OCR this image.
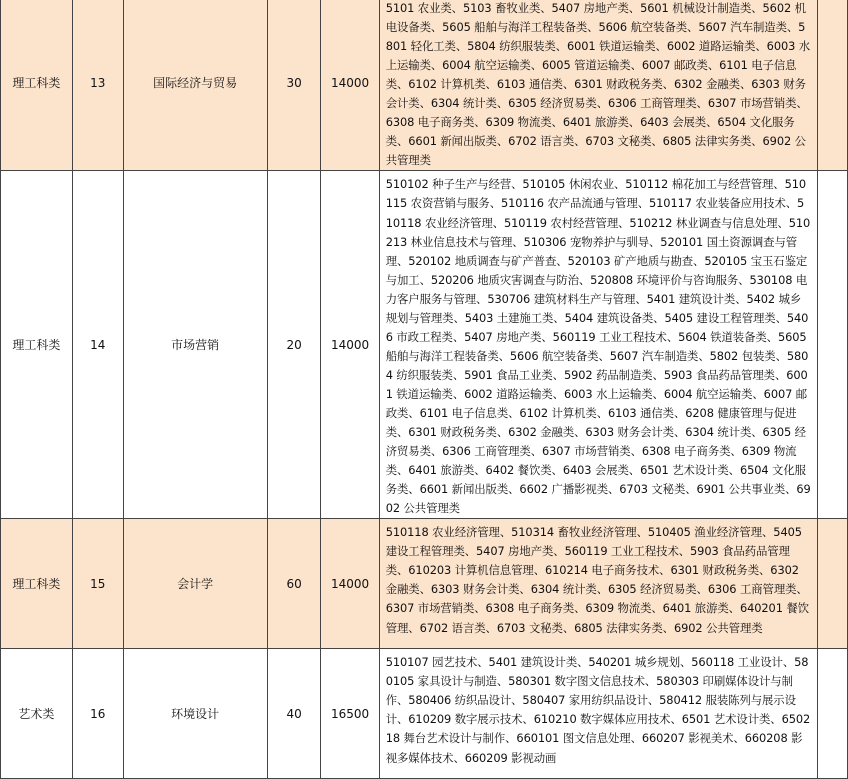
理工科类	13	国际经济与贸易	30	14000	5101 农业类、5103 畜牧业类、5407 房地产类、5601 机械设计制造类、5602 机电设备类、5605 船舶与海洋工程装备类、5606 航空装备类、5607 汽车制造类、5801 轻化工类、5804 纺织服装类、6001 铁道运输类、6002 道路运输类、6003 水上运输类、6004 航空运输类、6005 管道运输类、6007 邮政类、6101 电子信息类、6102 计算机类、6103 通信类、6301 财政税务类、6302 金融类、6303 财务会计类、6304 统计类、6305 经济贸易类、6306 工商管理类、6307 市场营销类、6308 电子商务类、6309 物流类、6401 旅游类、6403 会展类、6504 文化服务类、6601 新闻出版类、6702 语言类、6703 文秘类、6805 法律实务类、6902 公共管理类	
理工科类	14	市场营销	20	14000	510102 种子生产与经营、510105 休闲农业、510112 棉花加工与经营管理、510115 农资营销与服务、510116 农产品流通与管理、510117 农业装备应用技术、510118 农业经济管理、510119 农村经营管理、510212 林业调查与信息处理、510213 林业信息技术与管理、510306 宠物养护与驯导、520101 国土资源调查与管理、520102 地质调查与矿产普查、520103 矿产地质与勘查、520105 宝玉石鉴定与加工、520206 地质灾害调查与防治、520808 环境评价与咨询服务、530108 电力客户服务与管理、530706 建筑材料生产与管理、5401 建筑设计类、5402 城乡规划与管理类、5403 土建施工类、5404 建筑设备类、5405 建设工程管理类、5406 市政工程类、5407 房地产类、560119 工业工程技术、5604 铁道装备类、5605 船舶与海洋工程装备类、5606 航空装备类、5607 汽车制造类、5802 包装类、5804 纺织服装类、5901 食品工业类、5902 药品制造类、5903 食品药品管理类、6001 铁道运输类、6002 道路运输类、6003 水上运输类、6004 航空运输类、6007 邮政类、6101 电子信息类、6102 计算机类、6103 通信类、6208 健康管理与促进类、6301 财政税务类、6302 金融类、6303 财务会计类、6304 统计类、6305 经济贸易类、6306 工商管理类、6307 市场营销类、6308 电子商务类、6309 物流类、6401 旅游类、6402 餐饮类、6403 会展类、6501 艺术设计类、6504 文化服务类、6601 新闻出版类、6602 广播影视类、6703 文秘类、6901 公共事业类、6902 公共管理类	
理工科类	15	会计学	60	14000	510118 农业经济管理、510314 畜牧业经济管理、510405 渔业经济管理、5405 建设工程管理类、5407 房地产类、560119 工业工程技术、5903 食品药品管理类、610203 计算机信息管理、610214 电子商务技术、6301 财政税务类、6302 金融类、6303 财务会计类、6304 统计类、6305 经济贸易类、6306 工商管理类、6307 市场营销类、6308 电子商务类、6309 物流类、6401 旅游类、640201 餐饮管理、6702 语言类、6703 文秘类、6805 法律实务类、6902 公共管理类	
艺术类	16	环境设计	40	16500	510107 园艺技术、5401 建筑设计类、540201 城乡规划、560118 工业设计、580105 家具设计与制造、580301 数字图文信息技术、580303 印刷媒体设计与制作、580406 纺织品设计、580407 家用纺织品设计、580412 服装陈列与展示设计、610209 数字展示技术、610210 数字媒体应用技术、6501 艺术设计类、650218 舞台艺术设计与制作、660101 图文信息处理、660207 影视美术、660208 影视多媒体技术、660209 影视动画	
